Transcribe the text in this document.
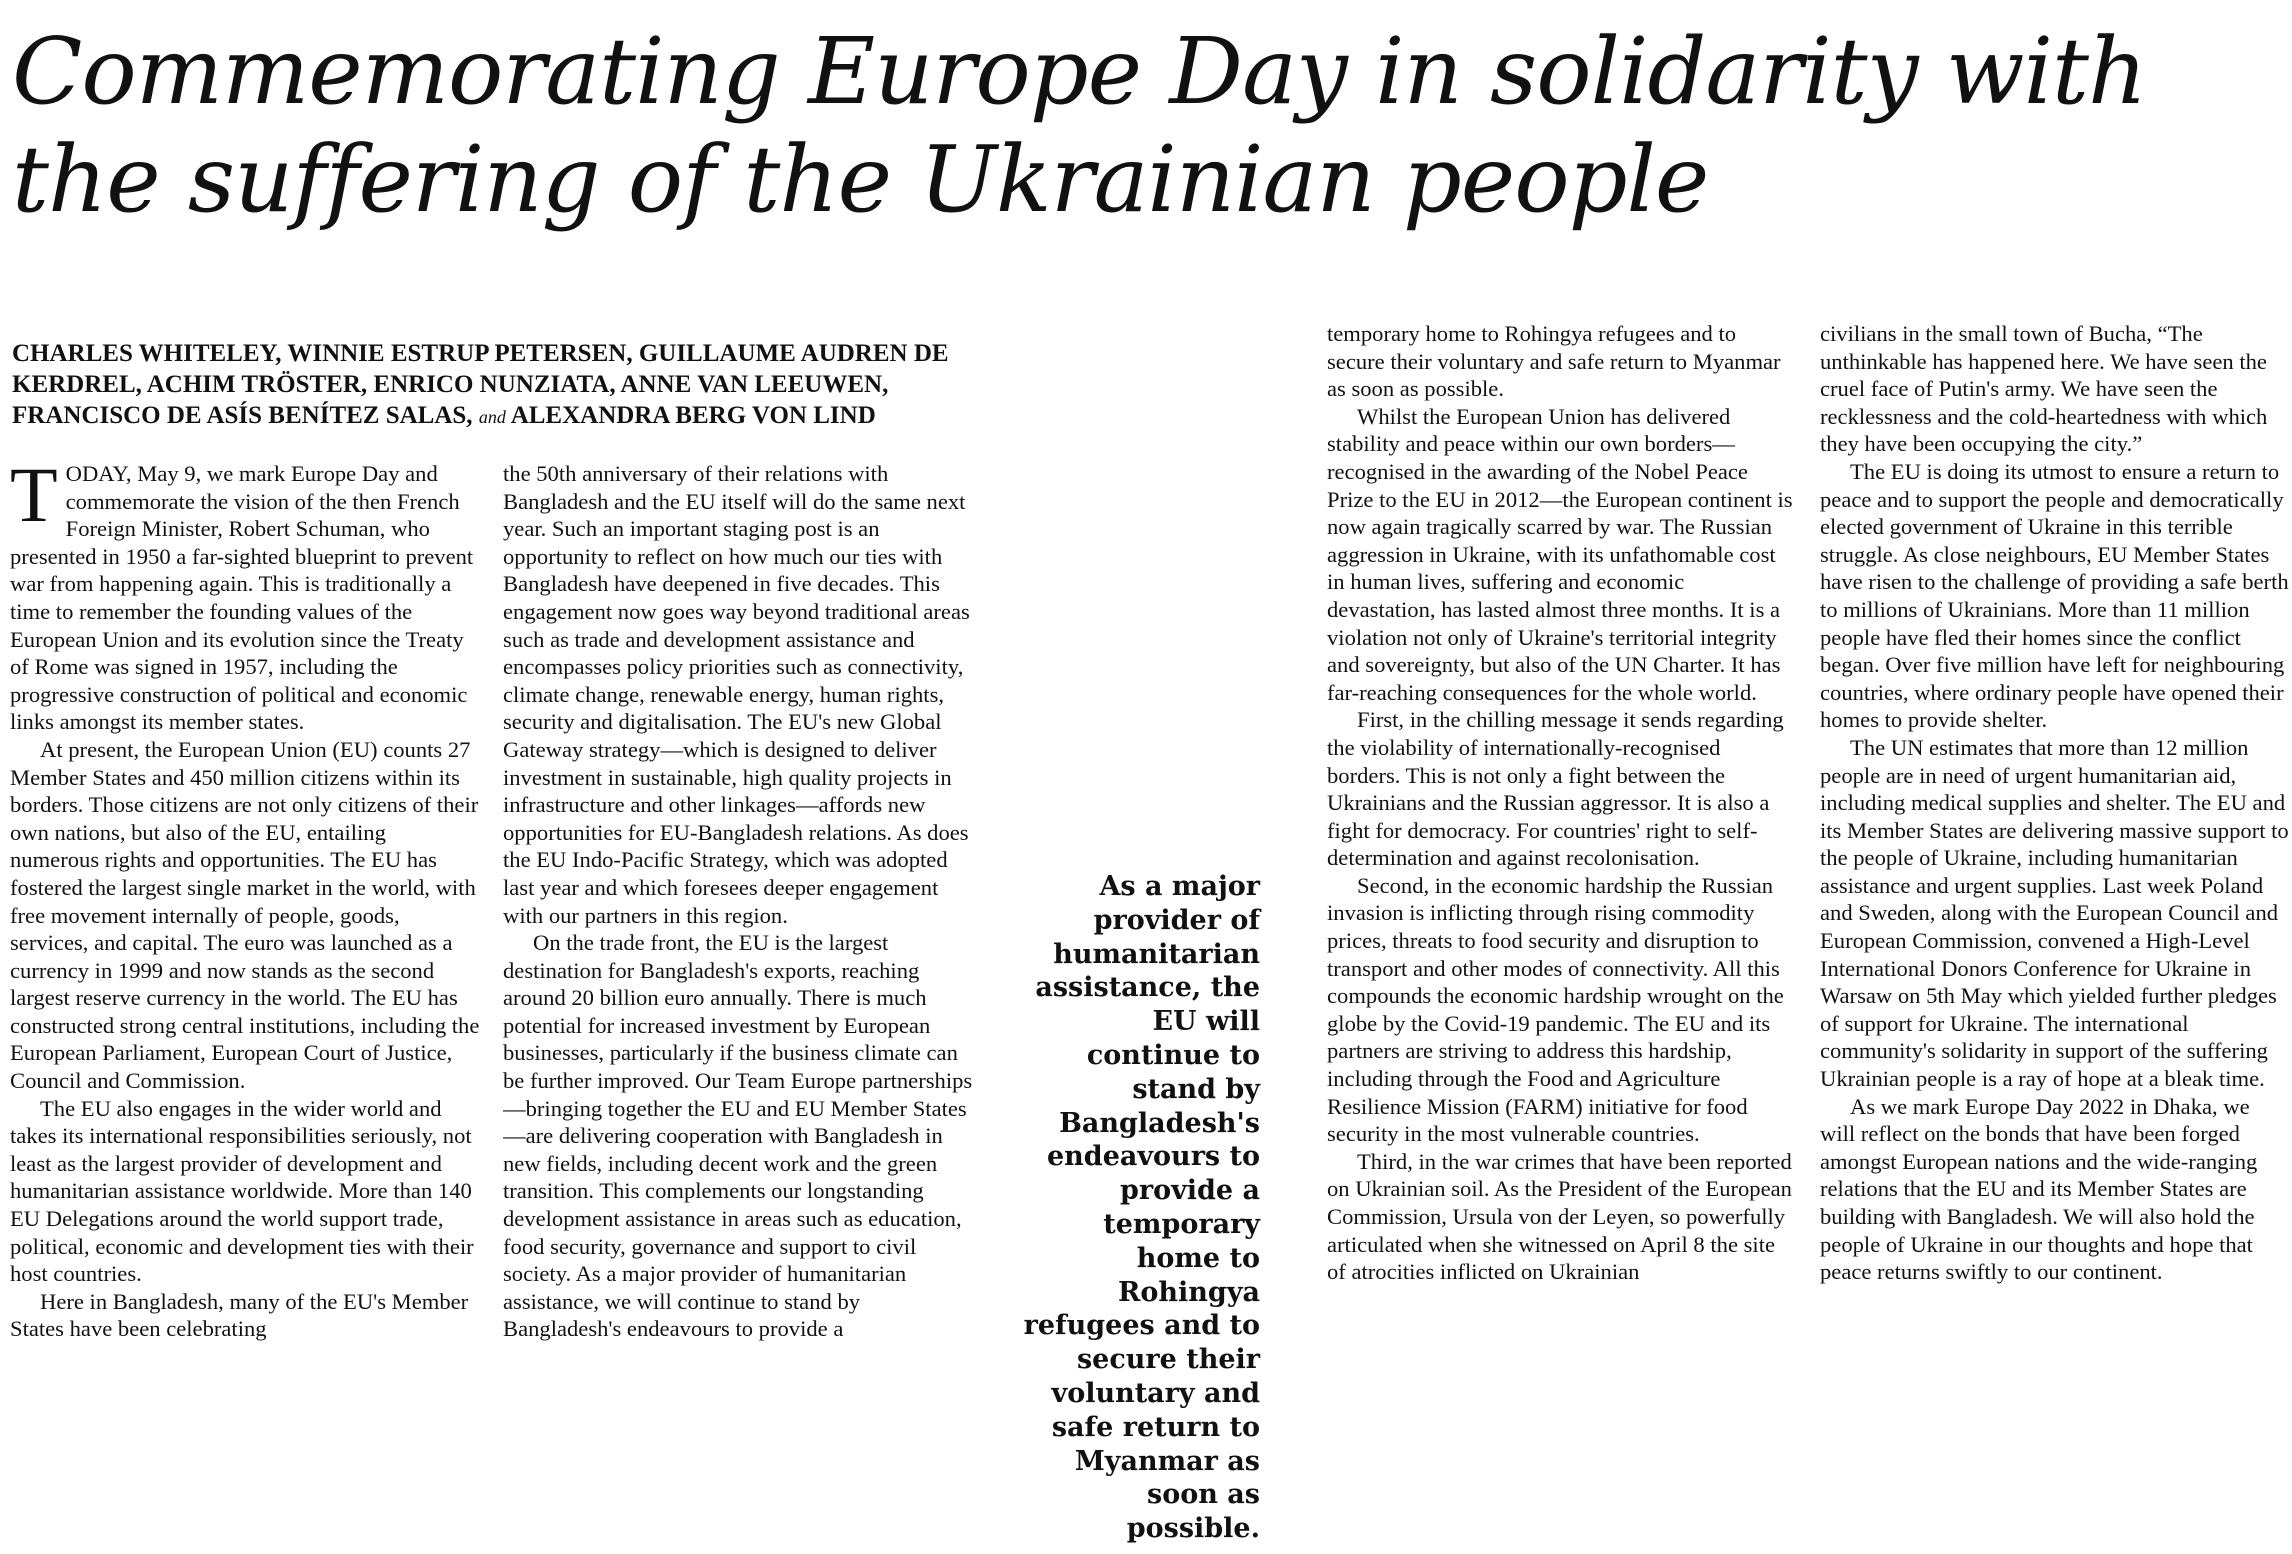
Commemorating Europe Day in solidarity with the suffering of the Ukrainian people
CHARLES WHITELEY, WINNIE ESTRUP PETERSEN, GUILLAUME AUDREN DE KERDREL, ACHIM TRÖSTER, ENRICO NUNZIATA, ANNE VAN LEEUWEN, FRANCISCO DE ASÍS BENÍTEZ SALAS, and ALEXANDRA BERG VON LIND

TODAY, May 9, we mark Europe Day and commemorate the vision of the then French Foreign Minister, Robert Schuman, who presented in 1950 a far-sighted blueprint to prevent war from happening again. This is traditionally a time to remember the founding values of the European Union and its evolution since the Treaty of Rome was signed in 1957, including the progressive construction of political and economic links amongst its member states.

At present, the European Union (EU) counts 27 Member States and 450 million citizens within its borders. Those citizens are not only citizens of their own nations, but also of the EU, entailing numerous rights and opportunities. The EU has fostered the largest single market in the world, with free movement internally of people, goods, services, and capital. The euro was launched as a currency in 1999 and now stands as the second largest reserve currency in the world. The EU has constructed strong central institutions, including the European Parliament, European Court of Justice, Council and Commission.

The EU also engages in the wider world and takes its international responsibilities seriously, not least as the largest provider of development and humanitarian assistance worldwide. More than 140 EU Delegations around the world support trade, political, economic and development ties with their host countries.

Here in Bangladesh, many of the EU's Member States have been celebrating

the 50th anniversary of their relations with Bangladesh and the EU itself will do the same next year. Such an important staging post is an opportunity to reflect on how much our ties with Bangladesh have deepened in five decades. This engagement now goes way beyond traditional areas such as trade and development assistance and encompasses policy priorities such as connectivity, climate change, renewable energy, human rights, security and digitalisation. The EU's new Global Gateway strategy—which is designed to deliver investment in sustainable, high quality projects in infrastructure and other linkages—affords new opportunities for EU-Bangladesh relations. As does the EU Indo-Pacific Strategy, which was adopted last year and which foresees deeper engagement with our partners in this region.

On the trade front, the EU is the largest destination for Bangladesh's exports, reaching around 20 billion euro annually. There is much potential for increased investment by European businesses, particularly if the business climate can be further improved. Our Team Europe partnerships—bringing together the EU and EU Member States—are delivering cooperation with Bangladesh in new fields, including decent work and the green transition. This complements our longstanding development assistance in areas such as education, food security, governance and support to civil society. As a major provider of humanitarian assistance, we will continue to stand by Bangladesh's endeavours to provide a

As a major provider of humanitarian assistance, the EU will continue to stand by Bangladesh's endeavours to provide a temporary home to Rohingya refugees and to secure their voluntary and safe return to Myanmar as soon as possible.

temporary home to Rohingya refugees and to secure their voluntary and safe return to Myanmar as soon as possible.

Whilst the European Union has delivered stability and peace within our own borders—recognised in the awarding of the Nobel Peace Prize to the EU in 2012—the European continent is now again tragically scarred by war. The Russian aggression in Ukraine, with its unfathomable cost in human lives, suffering and economic devastation, has lasted almost three months. It is a violation not only of Ukraine's territorial integrity and sovereignty, but also of the UN Charter. It has far-reaching consequences for the whole world.

First, in the chilling message it sends regarding the violability of internationally-recognised borders. This is not only a fight between the Ukrainians and the Russian aggressor. It is also a fight for democracy. For countries' right to self-determination and against recolonisation.

Second, in the economic hardship the Russian invasion is inflicting through rising commodity prices, threats to food security and disruption to transport and other modes of connectivity. All this compounds the economic hardship wrought on the globe by the Covid-19 pandemic. The EU and its partners are striving to address this hardship, including through the Food and Agriculture Resilience Mission (FARM) initiative for food security in the most vulnerable countries.

Third, in the war crimes that have been reported on Ukrainian soil. As the President of the European Commission, Ursula von der Leyen, so powerfully articulated when she witnessed on April 8 the site of atrocities inflicted on Ukrainian

civilians in the small town of Bucha, “The unthinkable has happened here. We have seen the cruel face of Putin's army. We have seen the recklessness and the cold-heartedness with which they have been occupying the city.”

The EU is doing its utmost to ensure a return to peace and to support the people and democratically elected government of Ukraine in this terrible struggle. As close neighbours, EU Member States have risen to the challenge of providing a safe berth to millions of Ukrainians. More than 11 million people have fled their homes since the conflict began. Over five million have left for neighbouring countries, where ordinary people have opened their homes to provide shelter.

The UN estimates that more than 12 million people are in need of urgent humanitarian aid, including medical supplies and shelter. The EU and its Member States are delivering massive support to the people of Ukraine, including humanitarian assistance and urgent supplies. Last week Poland and Sweden, along with the European Council and European Commission, convened a High-Level International Donors Conference for Ukraine in Warsaw on 5th May which yielded further pledges of support for Ukraine. The international community's solidarity in support of the suffering Ukrainian people is a ray of hope at a bleak time.

As we mark Europe Day 2022 in Dhaka, we will reflect on the bonds that have been forged amongst European nations and the wide-ranging relations that the EU and its Member States are building with Bangladesh. We will also hold the people of Ukraine in our thoughts and hope that peace returns swiftly to our continent.
